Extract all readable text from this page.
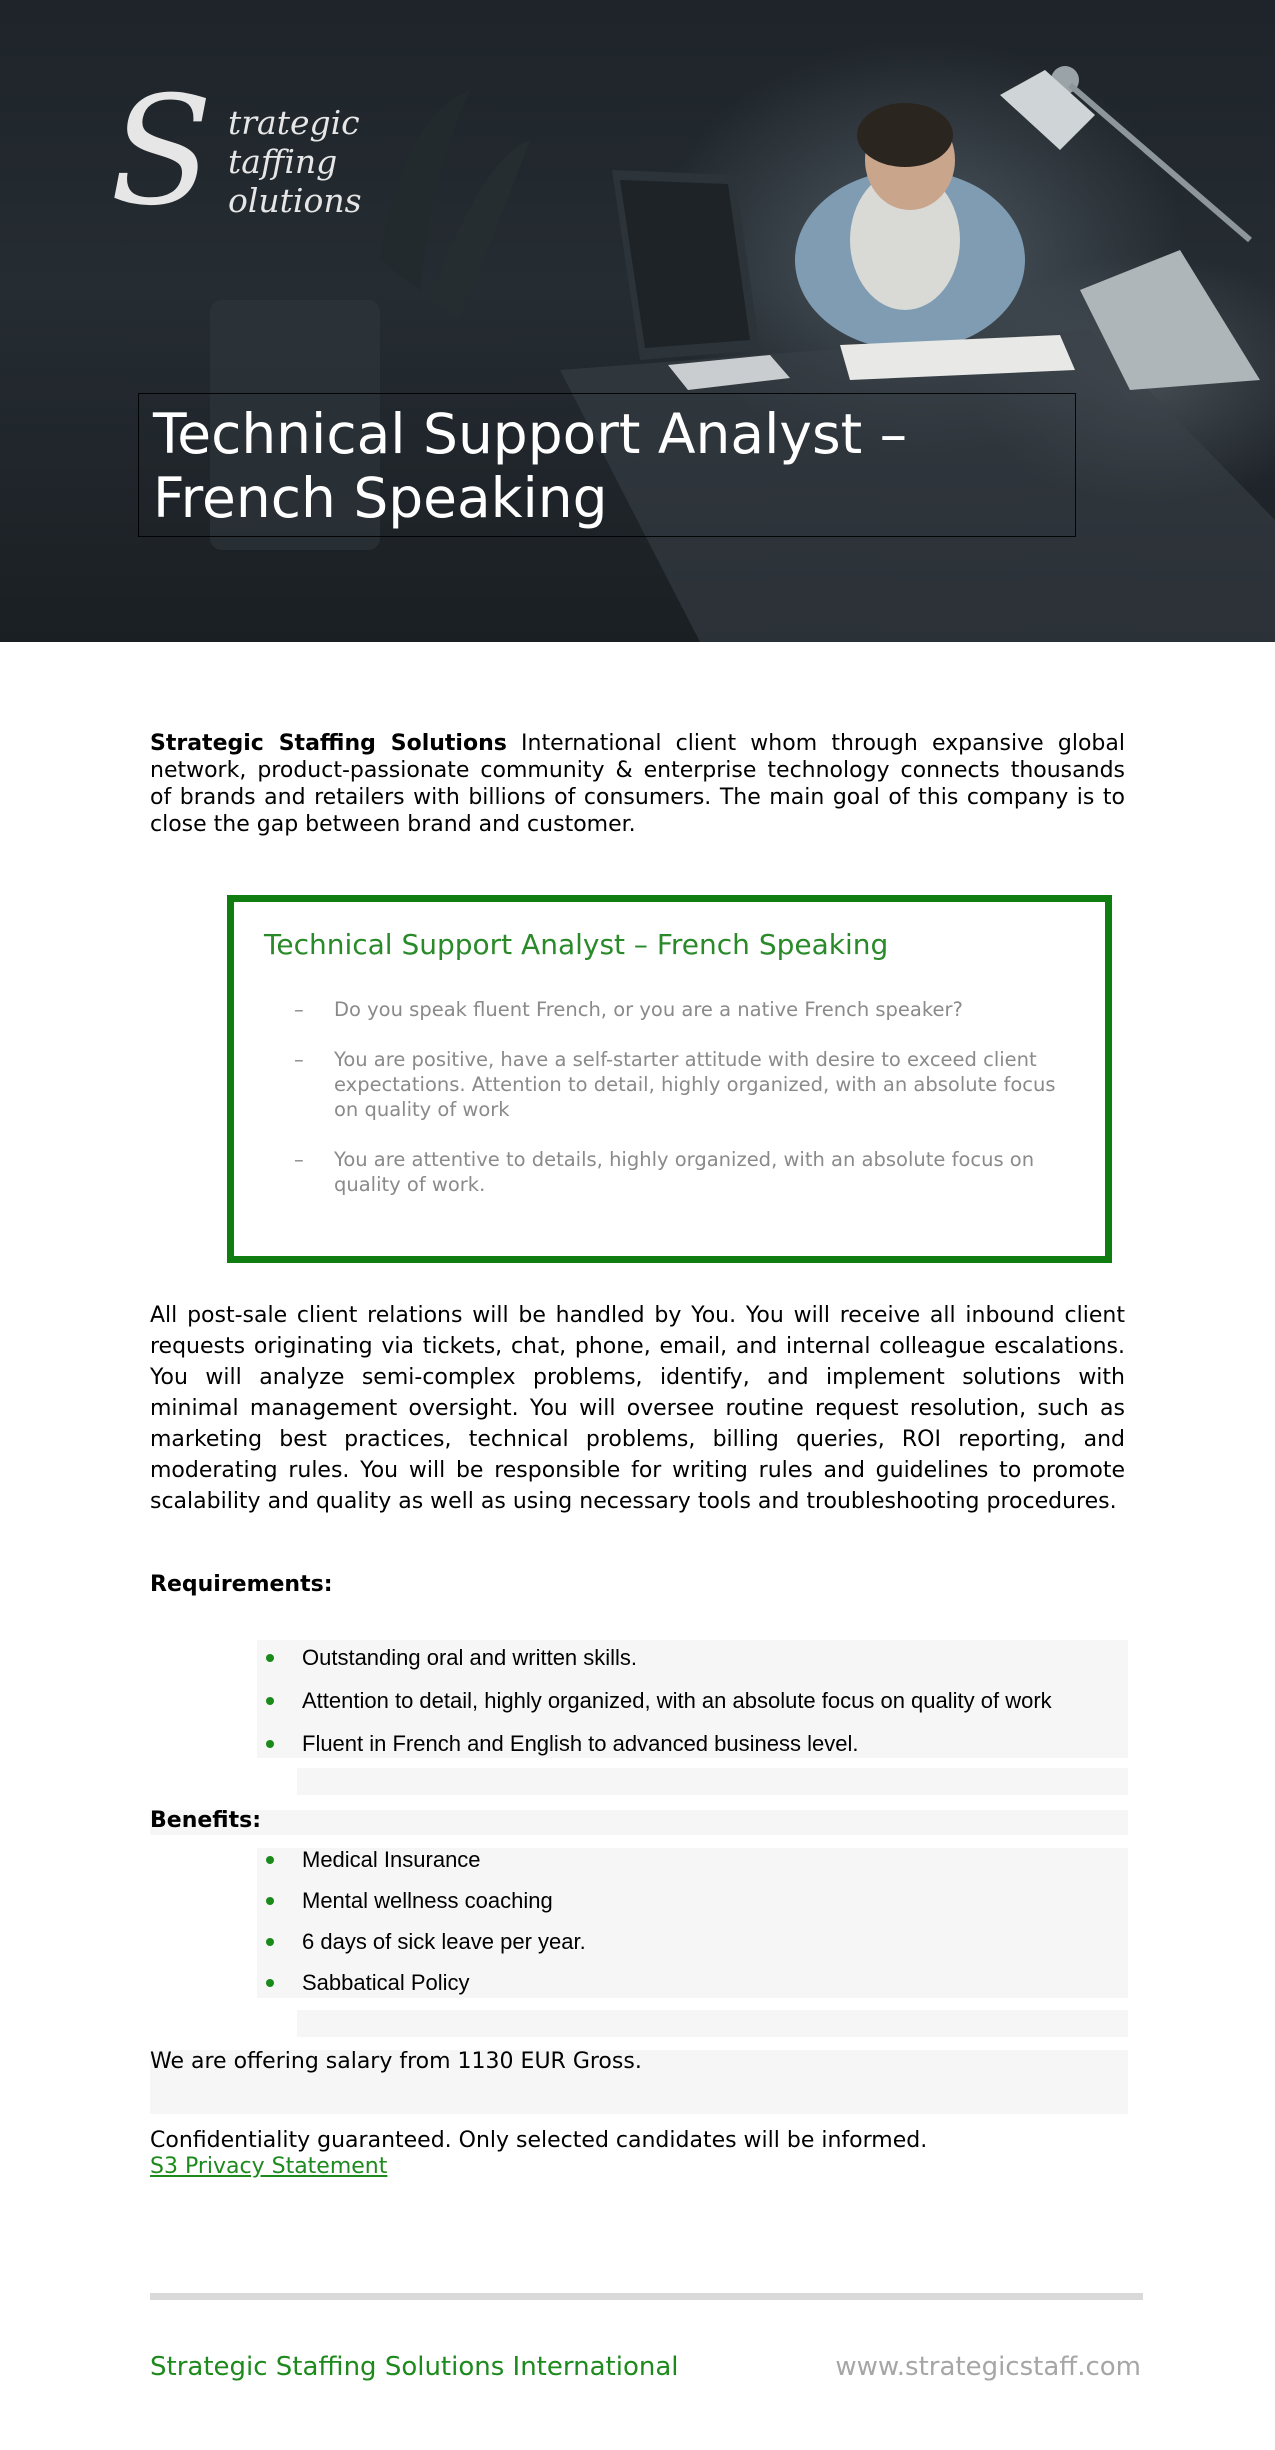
S trategic
taffing
olutions
Technical Support Analyst – French Speaking
Strategic Staffing Solutions International client whom through expansive global network, product-passionate community & enterprise technology connects thousands of brands and retailers with billions of consumers. The main goal of this company is to close the gap between brand and customer.
Technical Support Analyst – French Speaking
– Do you speak fluent French, or you are a native French speaker?
– You are positive, have a self-starter attitude with desire to exceed client expectations. Attention to detail, highly organized, with an absolute focus on quality of work
– You are attentive to details, highly organized, with an absolute focus on quality of work.
All post-sale client relations will be handled by You. You will receive all inbound client requests originating via tickets, chat, phone, email, and internal colleague escalations. You will analyze semi-complex problems, identify, and implement solutions with minimal management oversight. You will oversee routine request resolution, such as marketing best practices, technical problems, billing queries, ROI reporting, and moderating rules. You will be responsible for writing rules and guidelines to promote scalability and quality as well as using necessary tools and troubleshooting procedures.
Requirements:
Outstanding oral and written skills.
Attention to detail, highly organized, with an absolute focus on quality of work
Fluent in French and English to advanced business level.
Benefits:
Medical Insurance
Mental wellness coaching
6 days of sick leave per year.
Sabbatical Policy
We are offering salary from 1130 EUR Gross.
Confidentiality guaranteed. Only selected candidates will be informed.
S3 Privacy Statement
Strategic Staffing Solutions International	www.strategicstaff.com
